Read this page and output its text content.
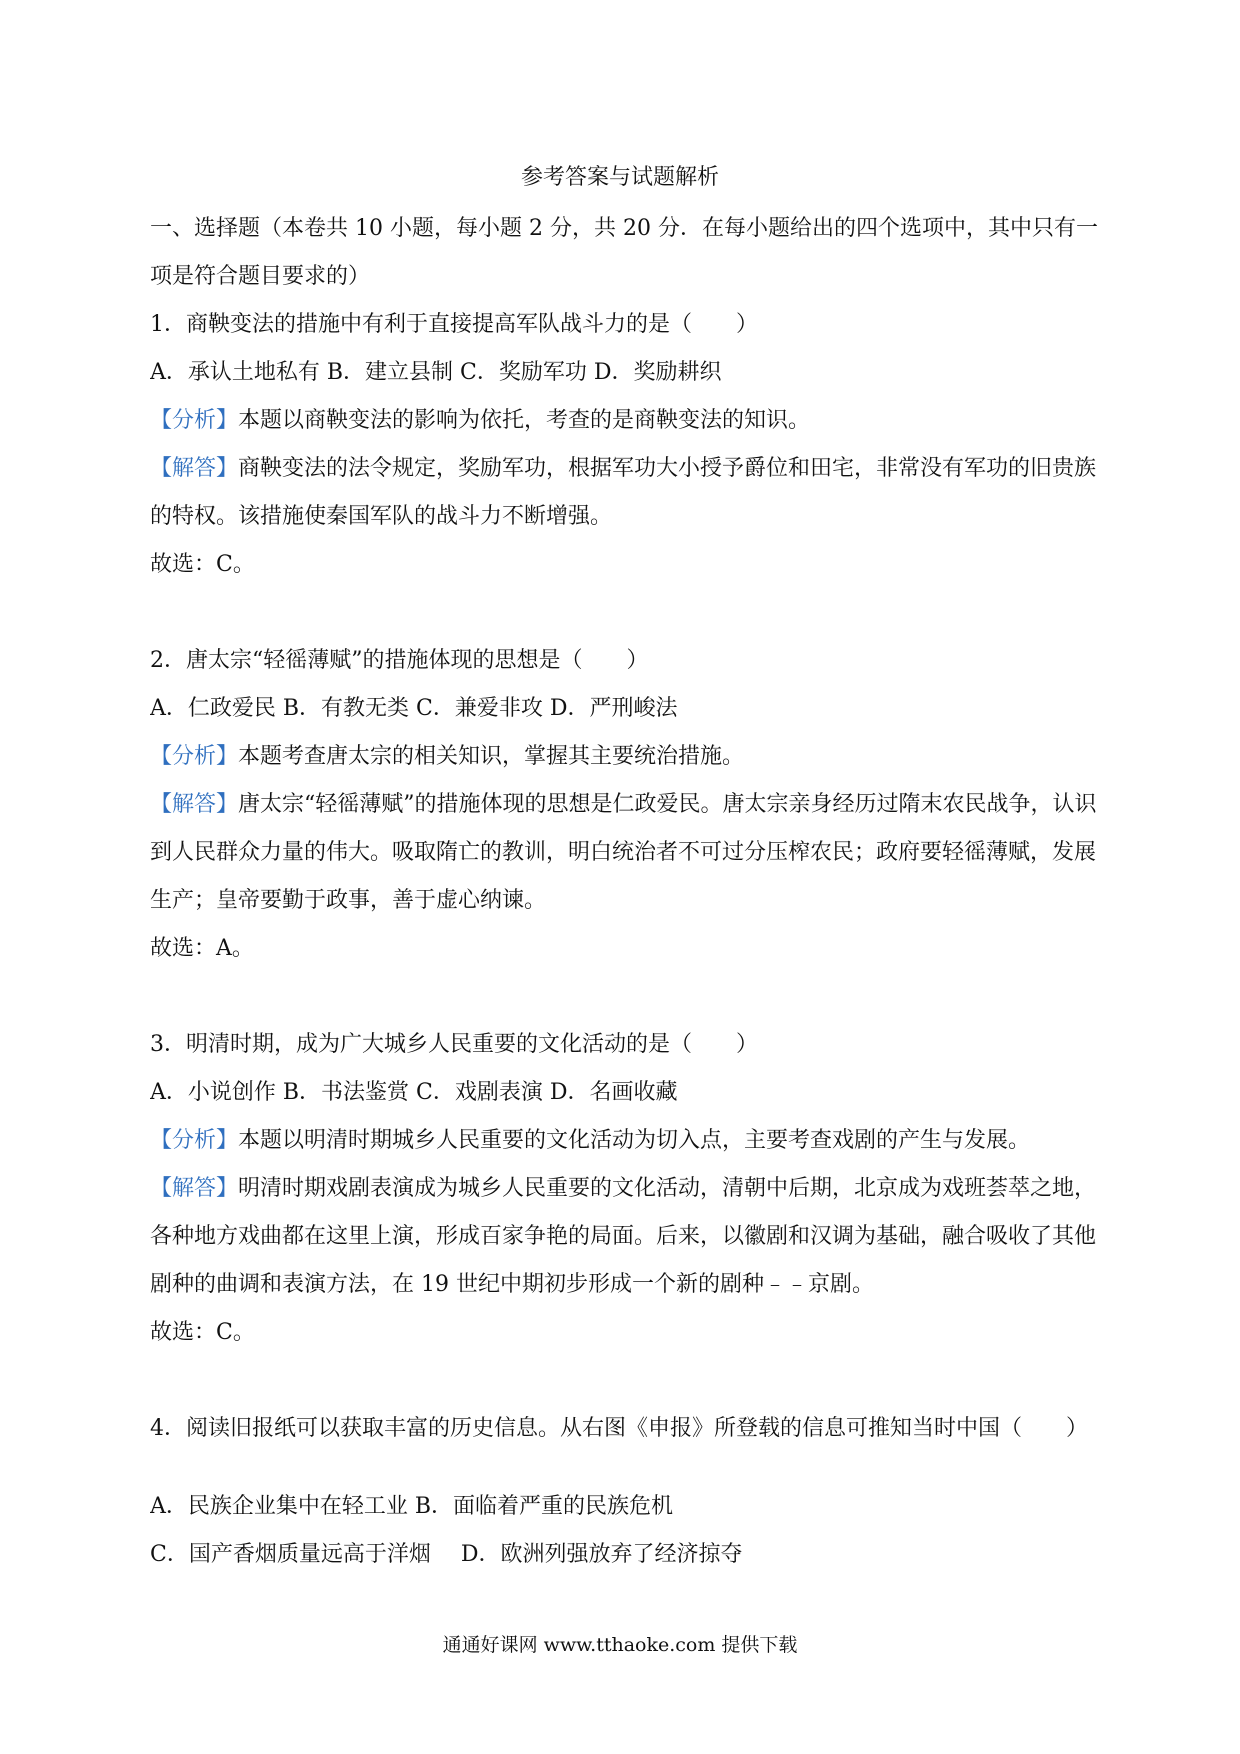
参考答案与试题解析
一、选择题（本卷共 10 小题，每小题 2 分，共 20 分．在每小题给出的四个选项中，其中只有一项是符合题目要求的）
1．商鞅变法的措施中有利于直接提高军队战斗力的是（　　）
A．承认土地私有 B．建立县制 C．奖励军功 D．奖励耕织
【分析】本题以商鞅变法的影响为依托，考查的是商鞅变法的知识。
【解答】商鞅变法的法令规定，奖励军功，根据军功大小授予爵位和田宅，非常没有军功的旧贵族的特权。该措施使秦国军队的战斗力不断增强。
故选：C。
2．唐太宗“轻徭薄赋”的措施体现的思想是（　　）
A．仁政爱民 B．有教无类 C．兼爱非攻 D．严刑峻法
【分析】本题考查唐太宗的相关知识，掌握其主要统治措施。
【解答】唐太宗“轻徭薄赋”的措施体现的思想是仁政爱民。唐太宗亲身经历过隋末农民战争，认识到人民群众力量的伟大。吸取隋亡的教训，明白统治者不可过分压榨农民；政府要轻徭薄赋，发展生产；皇帝要勤于政事，善于虚心纳谏。
故选：A。
3．明清时期，成为广大城乡人民重要的文化活动的是（　　）
A．小说创作 B．书法鉴赏 C．戏剧表演 D．名画收藏
【分析】本题以明清时期城乡人民重要的文化活动为切入点，主要考查戏剧的产生与发展。
【解答】明清时期戏剧表演成为城乡人民重要的文化活动，清朝中后期，北京成为戏班荟萃之地，各种地方戏曲都在这里上演，形成百家争艳的局面。后来，以徽剧和汉调为基础，融合吸收了其他剧种的曲调和表演方法，在 19 世纪中期初步形成一个新的剧种﹣﹣京剧。
故选：C。
4．阅读旧报纸可以获取丰富的历史信息。从右图《申报》所登载的信息可推知当时中国（　　）
A．民族企业集中在轻工业 B．面临着严重的民族危机
C．国产香烟质量远高于洋烟 D．欧洲列强放弃了经济掠夺
通通好课网 www.tthaoke.com 提供下载
